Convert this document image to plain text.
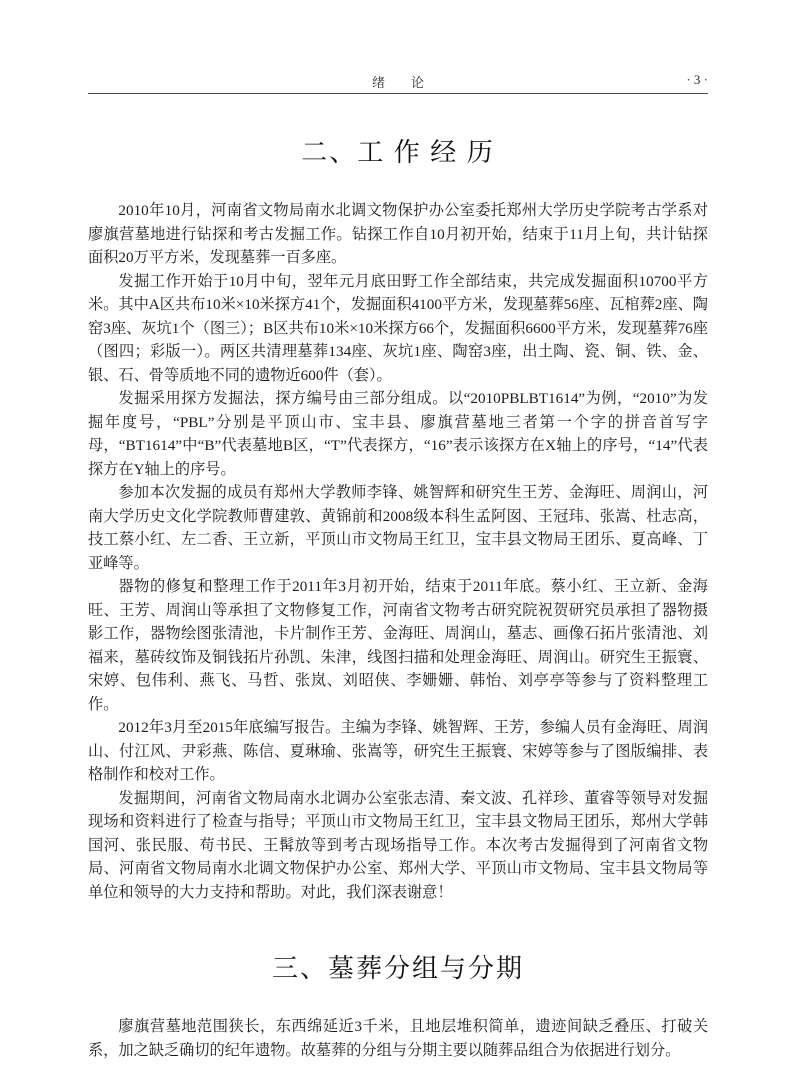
绪　　论	· 3 ·
二、工 作 经 历

2010年10月，河南省文物局南水北调文物保护办公室委托郑州大学历史学院考古学系对廖旗营墓地进行钻探和考古发掘工作。钻探工作自10月初开始，结束于11月上旬，共计钻探面积20万平方米，发现墓葬一百多座。

发掘工作开始于10月中旬，翌年元月底田野工作全部结束，共完成发掘面积10700平方米。其中A区共布10米×10米探方41个，发掘面积4100平方米，发现墓葬56座、瓦棺葬2座、陶窑3座、灰坑1个（图三）；B区共布10米×10米探方66个，发掘面积6600平方米，发现墓葬76座（图四；彩版一）。两区共清理墓葬134座、灰坑1座、陶窑3座，出土陶、瓷、铜、铁、金、银、石、骨等质地不同的遗物近600件（套）。

发掘采用探方发掘法，探方编号由三部分组成。以“2010PBLBT1614”为例，“2010”为发掘年度号，“PBL”分别是平顶山市、宝丰县、廖旗营墓地三者第一个字的拼音首写字母，“BT1614”中“B”代表墓地B区，“T”代表探方，“16”表示该探方在X轴上的序号，“14”代表探方在Y轴上的序号。

参加本次发掘的成员有郑州大学教师李锋、姚智辉和研究生王芳、金海旺、周润山，河南大学历史文化学院教师曹建敦、黄锦前和2008级本科生孟阿囡、王冠玮、张嵩、杜志高，技工蔡小红、左二香、王立新，平顶山市文物局王红卫，宝丰县文物局王团乐、夏高峰、丁亚峰等。

器物的修复和整理工作于2011年3月初开始，结束于2011年底。蔡小红、王立新、金海旺、王芳、周润山等承担了文物修复工作，河南省文物考古研究院祝贺研究员承担了器物摄影工作，器物绘图张清池，卡片制作王芳、金海旺、周润山，墓志、画像石拓片张清池、刘福来，墓砖纹饰及铜钱拓片孙凯、朱津，线图扫描和处理金海旺、周润山。研究生王振寰、宋婷、包伟利、燕飞、马哲、张岚、刘昭侠、李姗姗、韩怡、刘亭亭等参与了资料整理工作。

2012年3月至2015年底编写报告。主编为李锋、姚智辉、王芳，参编人员有金海旺、周润山、付江风、尹彩燕、陈信、夏琳瑜、张嵩等，研究生王振寰、宋婷等参与了图版编排、表格制作和校对工作。

发掘期间，河南省文物局南水北调办公室张志清、秦文波、孔祥珍、董睿等领导对发掘现场和资料进行了检查与指导；平顶山市文物局王红卫，宝丰县文物局王团乐，郑州大学韩国河、张民服、苟书民、王髯放等到考古现场指导工作。本次考古发掘得到了河南省文物局、河南省文物局南水北调文物保护办公室、郑州大学、平顶山市文物局、宝丰县文物局等单位和领导的大力支持和帮助。对此，我们深表谢意！

三、墓葬分组与分期

廖旗营墓地范围狭长，东西绵延近3千米，且地层堆积简单，遗迹间缺乏叠压、打破关系，加之缺乏确切的纪年遗物。故墓葬的分组与分期主要以随葬品组合为依据进行划分。
